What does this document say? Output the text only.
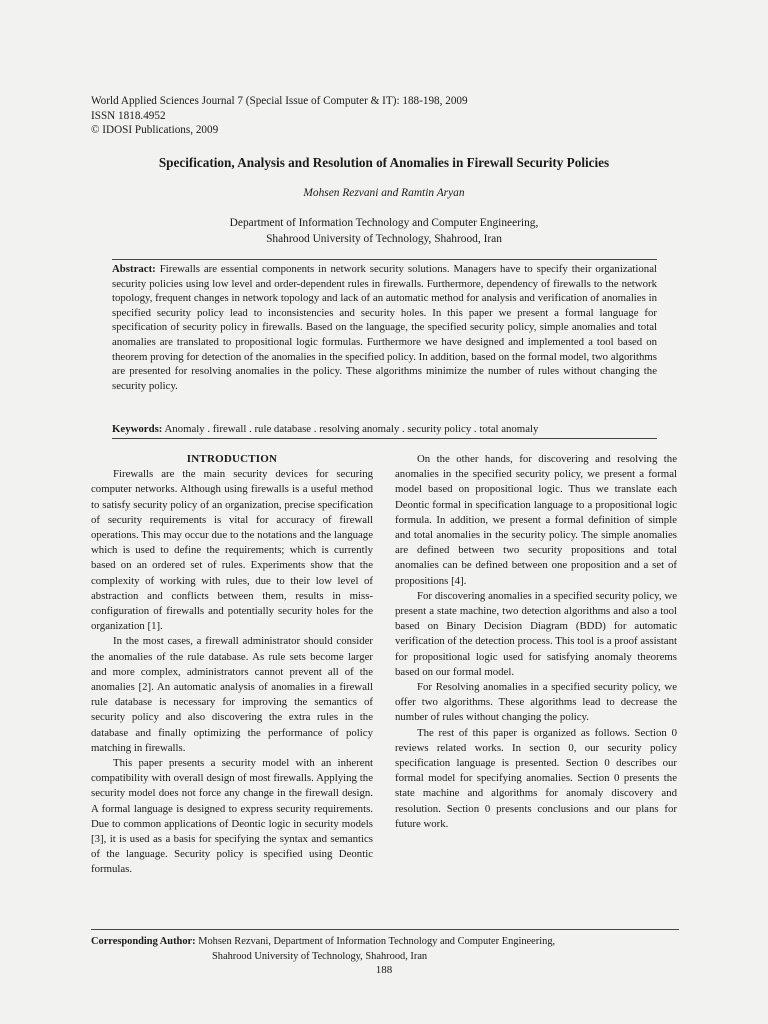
World Applied Sciences Journal 7 (Special Issue of Computer & IT): 188-198, 2009
ISSN 1818.4952
© IDOSI Publications, 2009
Specification, Analysis and Resolution of Anomalies in Firewall Security Policies
Mohsen Rezvani and Ramtin Aryan
Department of Information Technology and Computer Engineering,
Shahrood University of Technology, Shahrood, Iran
Abstract: Firewalls are essential components in network security solutions. Managers have to specify their organizational security policies using low level and order-dependent rules in firewalls. Furthermore, dependency of firewalls to the network topology, frequent changes in network topology and lack of an automatic method for analysis and verification of anomalies in specified security policy lead to inconsistencies and security holes. In this paper we present a formal language for specification of security policy in firewalls. Based on the language, the specified security policy, simple anomalies and total anomalies are translated to propositional logic formulas. Furthermore we have designed and implemented a tool based on theorem proving for detection of the anomalies in the specified policy. In addition, based on the formal model, two algorithms are presented for resolving anomalies in the policy. These algorithms minimize the number of rules without changing the security policy.
Keywords: Anomaly . firewall . rule database . resolving anomaly . security policy . total anomaly

INTRODUCTION

Firewalls are the main security devices for securing computer networks. Although using firewalls is a useful method to satisfy security policy of an organization, precise specification of security requirements is vital for accuracy of firewall operations. This may occur due to the notations and the language which is used to define the requirements; which is currently based on an ordered set of rules. Experiments show that the complexity of working with rules, due to their low level of abstraction and conflicts between them, results in miss-configuration of firewalls and potentially security holes for the organization [1].

In the most cases, a firewall administrator should consider the anomalies of the rule database. As rule sets become larger and more complex, administrators cannot prevent all of the anomalies [2]. An automatic analysis of anomalies in a firewall rule database is necessary for improving the semantics of security policy and also discovering the extra rules in the database and finally optimizing the performance of policy matching in firewalls.

This paper presents a security model with an inherent compatibility with overall design of most firewalls. Applying the security model does not force any change in the firewall design. A formal language is designed to express security requirements. Due to common applications of Deontic logic in security models [3], it is used as a basis for specifying the syntax and semantics of the language. Security policy is specified using Deontic formulas.

On the other hands, for discovering and resolving the anomalies in the specified security policy, we present a formal model based on propositional logic. Thus we translate each Deontic formal in specification language to a propositional logic formula. In addition, we present a formal definition of simple and total anomalies in the security policy. The simple anomalies are defined between two security propositions and total anomalies can be defined between one proposition and a set of propositions [4].

For discovering anomalies in a specified security policy, we present a state machine, two detection algorithms and also a tool based on Binary Decision Diagram (BDD) for automatic verification of the detection process. This tool is a proof assistant for propositional logic used for satisfying anomaly theorems based on our formal model.

For Resolving anomalies in a specified security policy, we offer two algorithms. These algorithms lead to decrease the number of rules without changing the policy.

The rest of this paper is organized as follows. Section 0 reviews related works. In section 0, our security policy specification language is presented. Section 0 describes our formal model for specifying anomalies. Section 0 presents the state machine and algorithms for anomaly discovery and resolution. Section 0 presents conclusions and our plans for future work.

Corresponding Author: Mohsen Rezvani, Department of Information Technology and Computer Engineering,
Shahrood University of Technology, Shahrood, Iran
188
